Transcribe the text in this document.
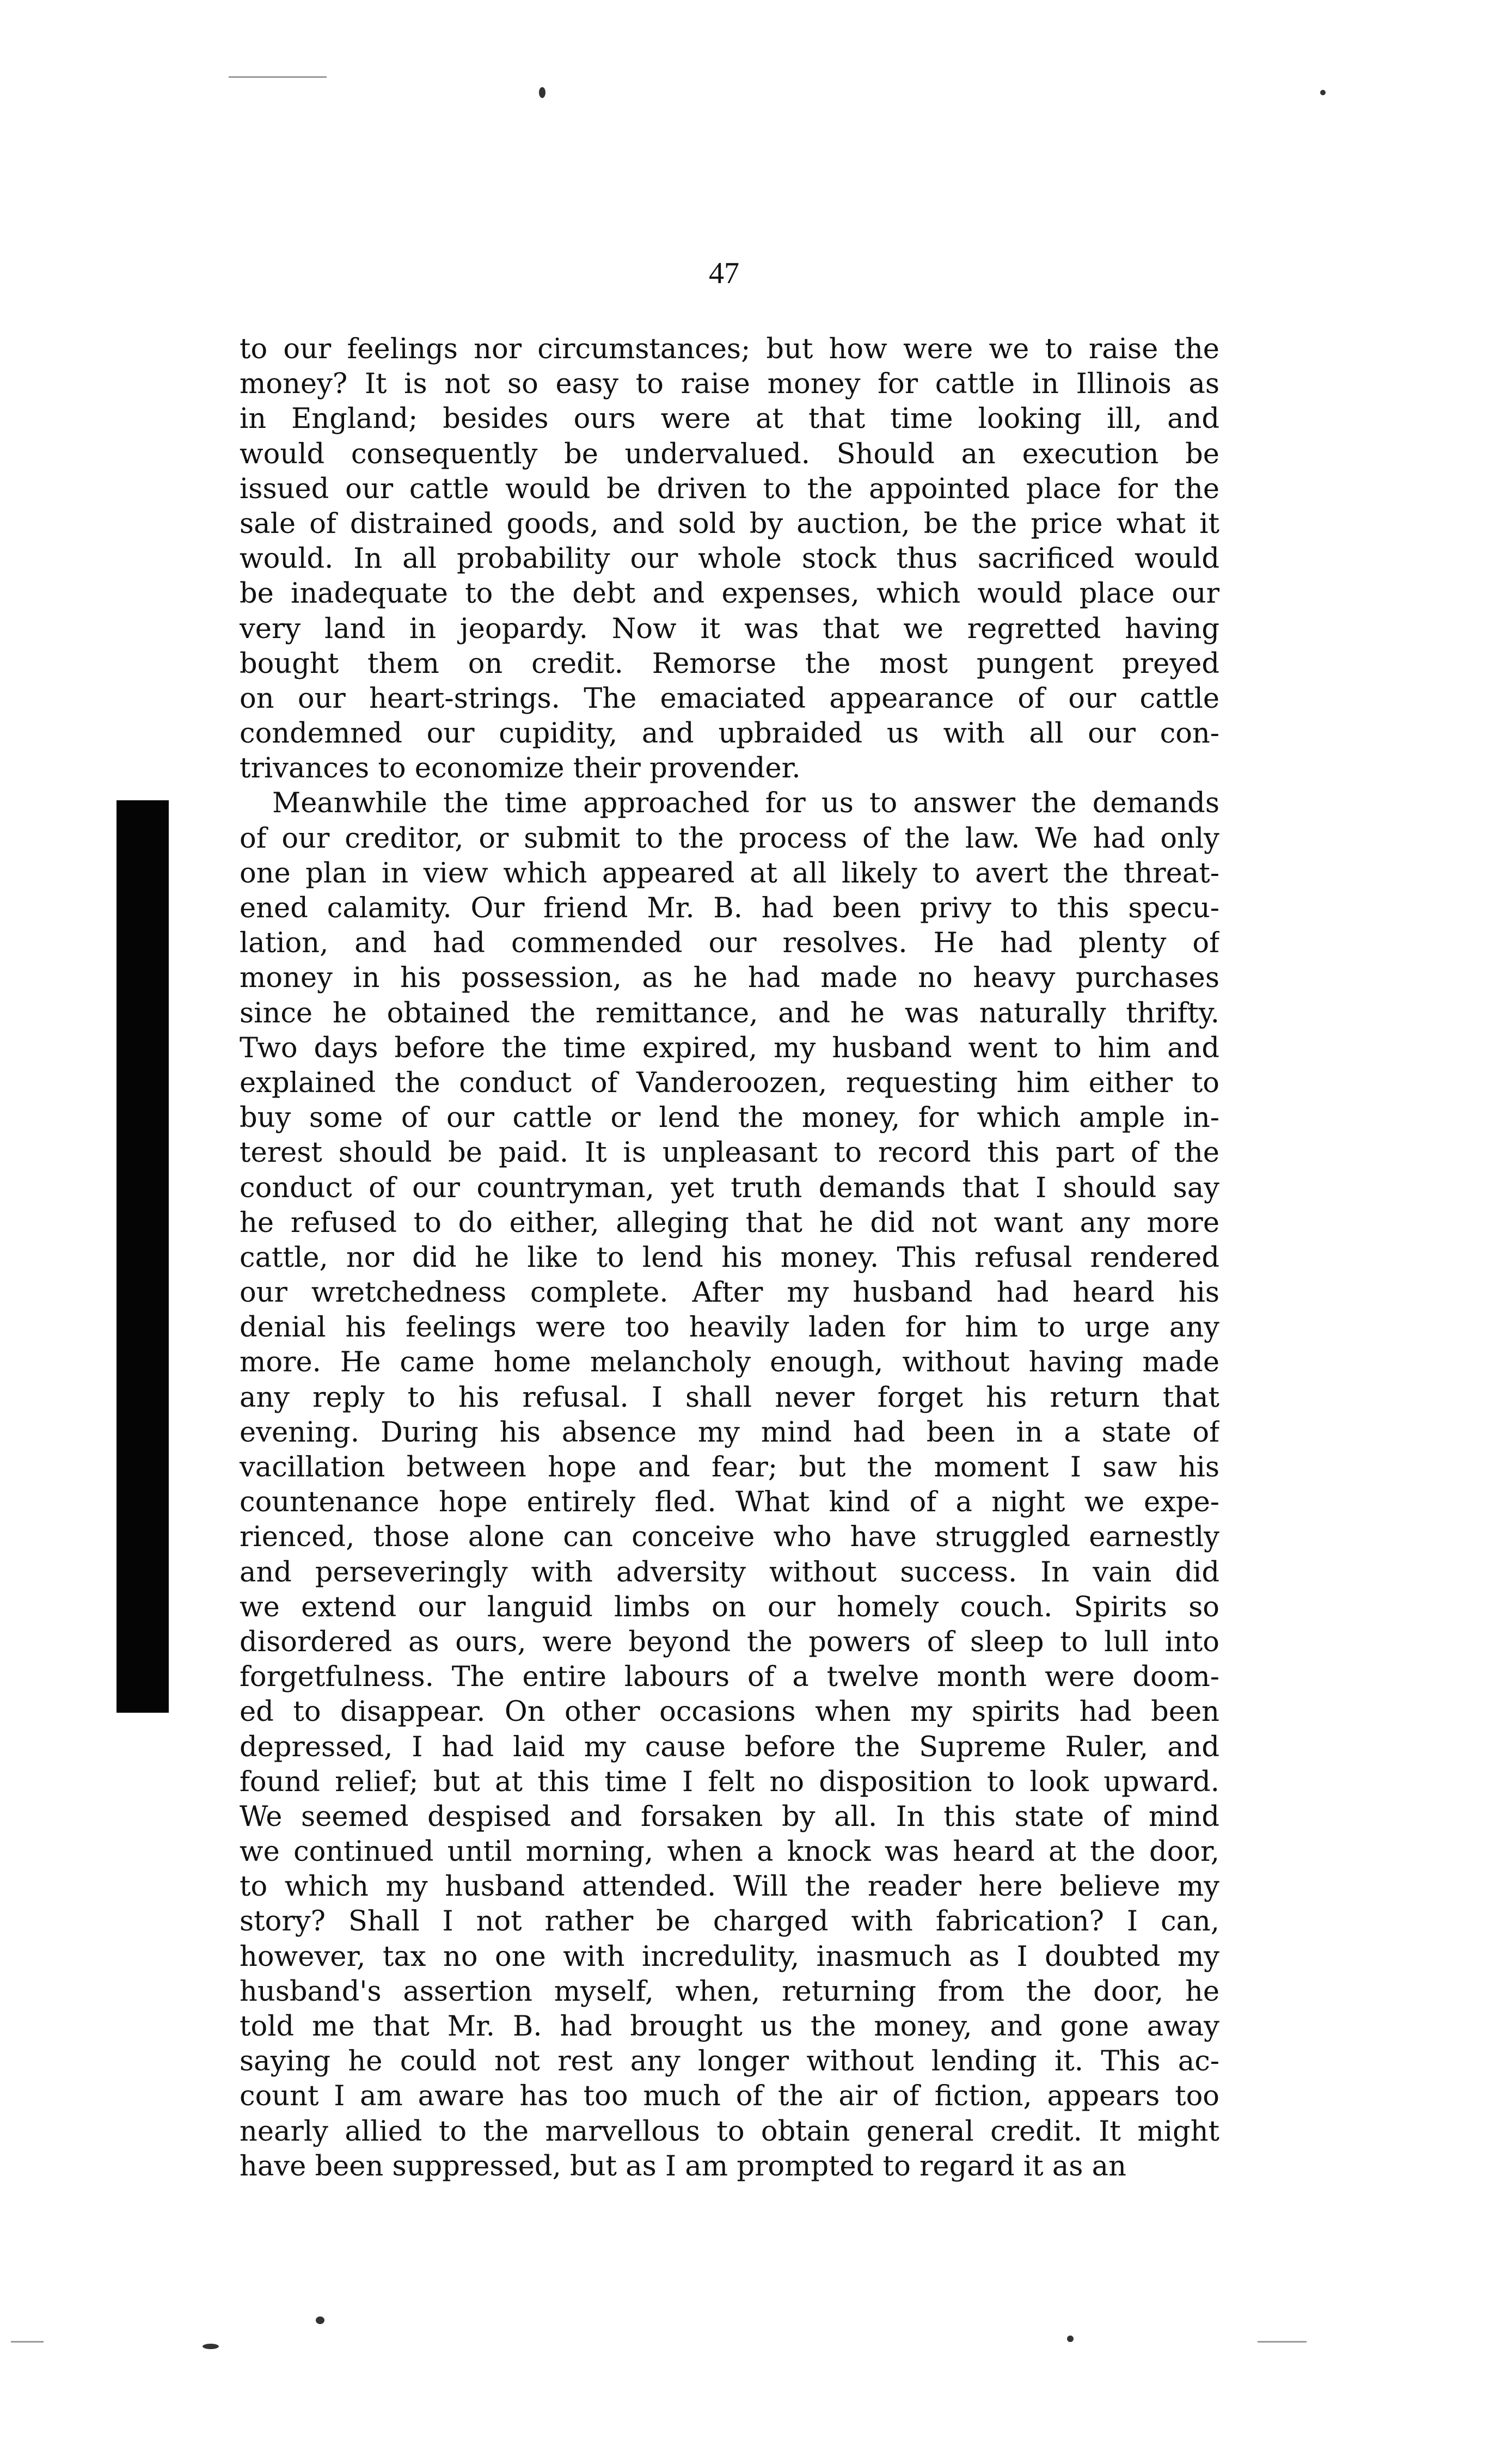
47
to our feelings nor circumstances; but how were we to raise the
money? It is not so easy to raise money for cattle in Illinois as
in England; besides ours were at that time looking ill, and
would consequently be undervalued. Should an execution be
issued our cattle would be driven to the appointed place for the
sale of distrained goods, and sold by auction, be the price what it
would. In all probability our whole stock thus sacrificed would
be inadequate to the debt and expenses, which would place our
very land in jeopardy. Now it was that we regretted having
bought them on credit. Remorse the most pungent preyed
on our heart-strings. The emaciated appearance of our cattle
condemned our cupidity, and upbraided us with all our con-
trivances to economize their provender.
Meanwhile the time approached for us to answer the demands
of our creditor, or submit to the process of the law. We had only
one plan in view which appeared at all likely to avert the threat-
ened calamity. Our friend Mr. B. had been privy to this specu-
lation, and had commended our resolves. He had plenty of
money in his possession, as he had made no heavy purchases
since he obtained the remittance, and he was naturally thrifty.
Two days before the time expired, my husband went to him and
explained the conduct of Vanderoozen, requesting him either to
buy some of our cattle or lend the money, for which ample in-
terest should be paid. It is unpleasant to record this part of the
conduct of our countryman, yet truth demands that I should say
he refused to do either, alleging that he did not want any more
cattle, nor did he like to lend his money. This refusal rendered
our wretchedness complete. After my husband had heard his
denial his feelings were too heavily laden for him to urge any
more. He came home melancholy enough, without having made
any reply to his refusal. I shall never forget his return that
evening. During his absence my mind had been in a state of
vacillation between hope and fear; but the moment I saw his
countenance hope entirely fled. What kind of a night we expe-
rienced, those alone can conceive who have struggled earnestly
and perseveringly with adversity without success. In vain did
we extend our languid limbs on our homely couch. Spirits so
disordered as ours, were beyond the powers of sleep to lull into
forgetfulness. The entire labours of a twelve month were doom-
ed to disappear. On other occasions when my spirits had been
depressed, I had laid my cause before the Supreme Ruler, and
found relief; but at this time I felt no disposition to look upward.
We seemed despised and forsaken by all. In this state of mind
we continued until morning, when a knock was heard at the door,
to which my husband attended. Will the reader here believe my
story? Shall I not rather be charged with fabrication? I can,
however, tax no one with incredulity, inasmuch as I doubted my
husband's assertion myself, when, returning from the door, he
told me that Mr. B. had brought us the money, and gone away
saying he could not rest any longer without lending it. This ac-
count I am aware has too much of the air of fiction, appears too
nearly allied to the marvellous to obtain general credit. It might
have been suppressed, but as I am prompted to regard it as an
